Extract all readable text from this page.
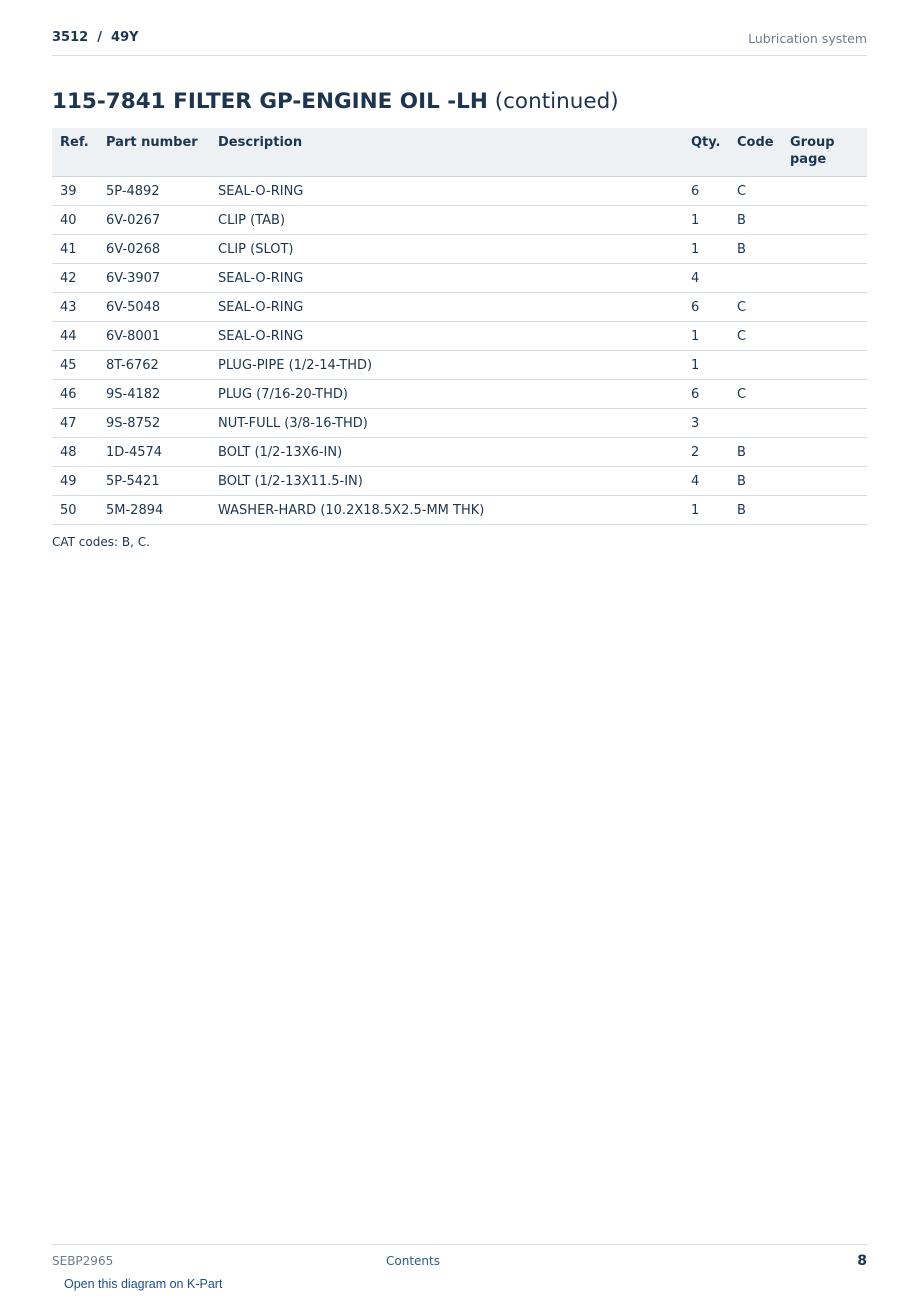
3512  /  49Y	Lubrication system
115-7841 FILTER GP-ENGINE OIL -LH (continued)
Ref.	Part number	Description	Qty.	Code	Group page
39	5P-4892	SEAL-O-RING	6	C	
40	6V-0267	CLIP (TAB)	1	B	
41	6V-0268	CLIP (SLOT)	1	B	
42	6V-3907	SEAL-O-RING	4		
43	6V-5048	SEAL-O-RING	6	C	
44	6V-8001	SEAL-O-RING	1	C	
45	8T-6762	PLUG-PIPE (1/2-14-THD)	1		
46	9S-4182	PLUG (7/16-20-THD)	6	C	
47	9S-8752	NUT-FULL (3/8-16-THD)	3		
48	1D-4574	BOLT (1/2-13X6-IN)	2	B	
49	5P-5421	BOLT (1/2-13X11.5-IN)	4	B	
50	5M-2894	WASHER-HARD (10.2X18.5X2.5-MM THK)	1	B	
CAT codes: B, C.
SEBP2965	Contents	8
Open this diagram on K-Part
